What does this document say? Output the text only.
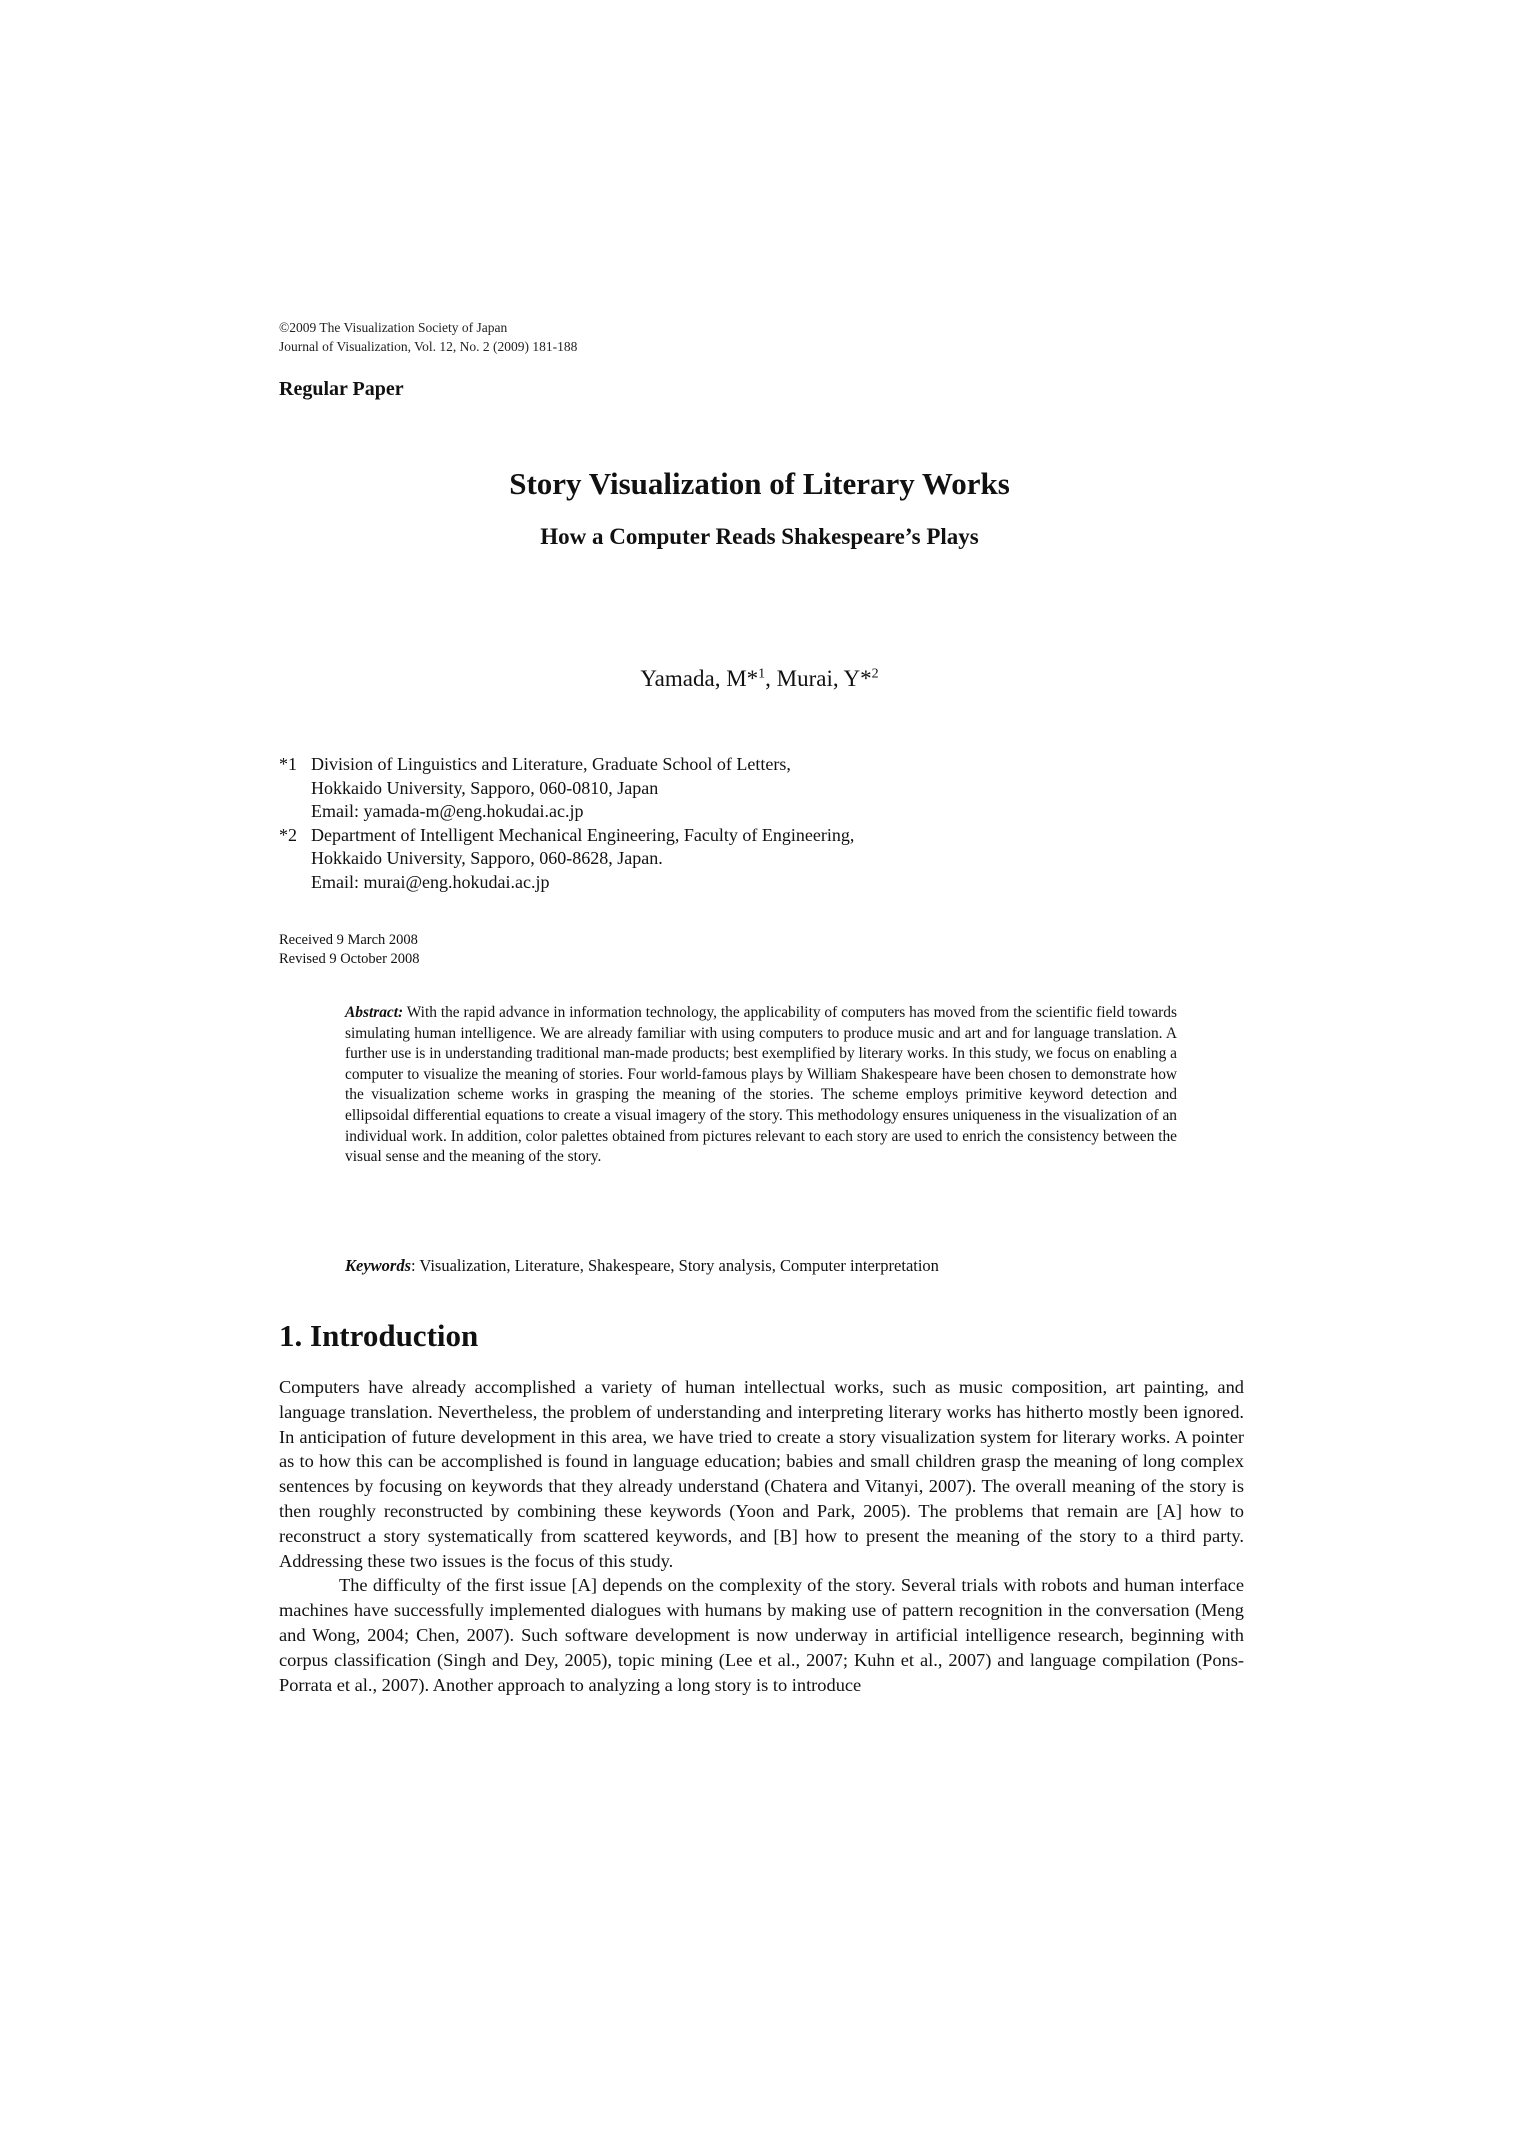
©2009 The Visualization Society of Japan
Journal of Visualization, Vol. 12, No. 2 (2009) 181-188
Regular Paper
Story Visualization of Literary Works
How a Computer Reads Shakespeare’s Plays
Yamada, M*$^1$, Murai, Y*$^2$
*1 Division of Linguistics and Literature, Graduate School of Letters,
Hokkaido University, Sapporo, 060-0810, Japan
Email: yamada-m@eng.hokudai.ac.jp
*2 Department of Intelligent Mechanical Engineering, Faculty of Engineering,
Hokkaido University, Sapporo, 060-8628, Japan.
Email: murai@eng.hokudai.ac.jp
Received 9 March 2008
Revised 9 October 2008
Abstract: With the rapid advance in information technology, the applicability of computers has moved from the scientific field towards simulating human intelligence. We are already familiar with using computers to produce music and art and for language translation. A further use is in understanding traditional man-made products; best exemplified by literary works. In this study, we focus on enabling a computer to visualize the meaning of stories. Four world-famous plays by William Shakespeare have been chosen to demonstrate how the visualization scheme works in grasping the meaning of the stories. The scheme employs primitive keyword detection and ellipsoidal differential equations to create a visual imagery of the story. This methodology ensures uniqueness in the visualization of an individual work. In addition, color palettes obtained from pictures relevant to each story are used to enrich the consistency between the visual sense and the meaning of the story.
Keywords: Visualization, Literature, Shakespeare, Story analysis, Computer interpretation
1. Introduction

Computers have already accomplished a variety of human intellectual works, such as music composition, art painting, and language translation. Nevertheless, the problem of understanding and interpreting literary works has hitherto mostly been ignored. In anticipation of future development in this area, we have tried to create a story visualization system for literary works. A pointer as to how this can be accomplished is found in language education; babies and small children grasp the meaning of long complex sentences by focusing on keywords that they already understand (Chatera and Vitanyi, 2007). The overall meaning of the story is then roughly reconstructed by combining these keywords (Yoon and Park, 2005). The problems that remain are [A] how to reconstruct a story systematically from scattered keywords, and [B] how to present the meaning of the story to a third party. Addressing these two issues is the focus of this study.

The difficulty of the first issue [A] depends on the complexity of the story. Several trials with robots and human interface machines have successfully implemented dialogues with humans by making use of pattern recognition in the conversation (Meng and Wong, 2004; Chen, 2007). Such software development is now underway in artificial intelligence research, beginning with corpus classification (Singh and Dey, 2005), topic mining (Lee et al., 2007; Kuhn et al., 2007) and language compilation (Pons-Porrata et al., 2007). Another approach to analyzing a long story is to introduce
